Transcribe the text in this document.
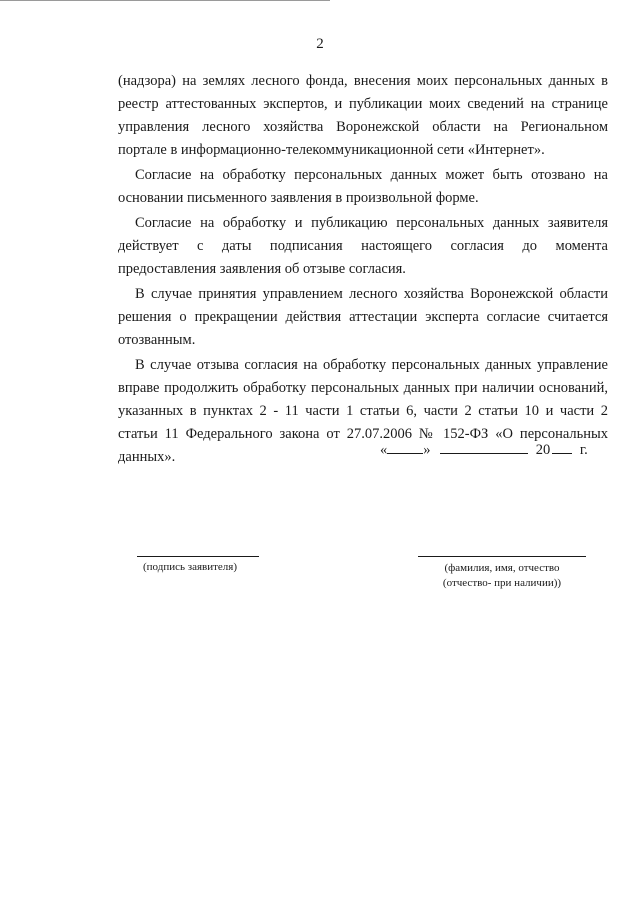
2
(надзора) на землях лесного фонда, внесения моих персональных данных в
реестр аттестованных экспертов, и публикации моих сведений на странице
управления лесного хозяйства Воронежской области на Региональном
портале в информационно-телекоммуникационной сети «Интернет».
Согласие на обработку персональных данных может быть отозвано на
основании письменного заявления в произвольной форме.
Согласие на обработку и публикацию персональных данных заявителя
действует с даты подписания настоящего согласия до момента
предоставления заявления об отзыве согласия.
В случае принятия управлением лесного хозяйства Воронежской области
решения о прекращении действия аттестации эксперта согласие считается
отозванным.
В случае отзыва согласия на обработку персональных данных управление
вправе продолжить обработку персональных данных при наличии оснований,
указанных в пунктах 2 - 11 части 1 статьи 6, части 2 статьи 10 и части 2
статьи 11 Федерального закона от 27.07.2006 № 152-ФЗ «О персональных
данных».	« »	20 г.
(подпись заявителя)	(фамилия, имя, отчество
(отчество- при наличии))
